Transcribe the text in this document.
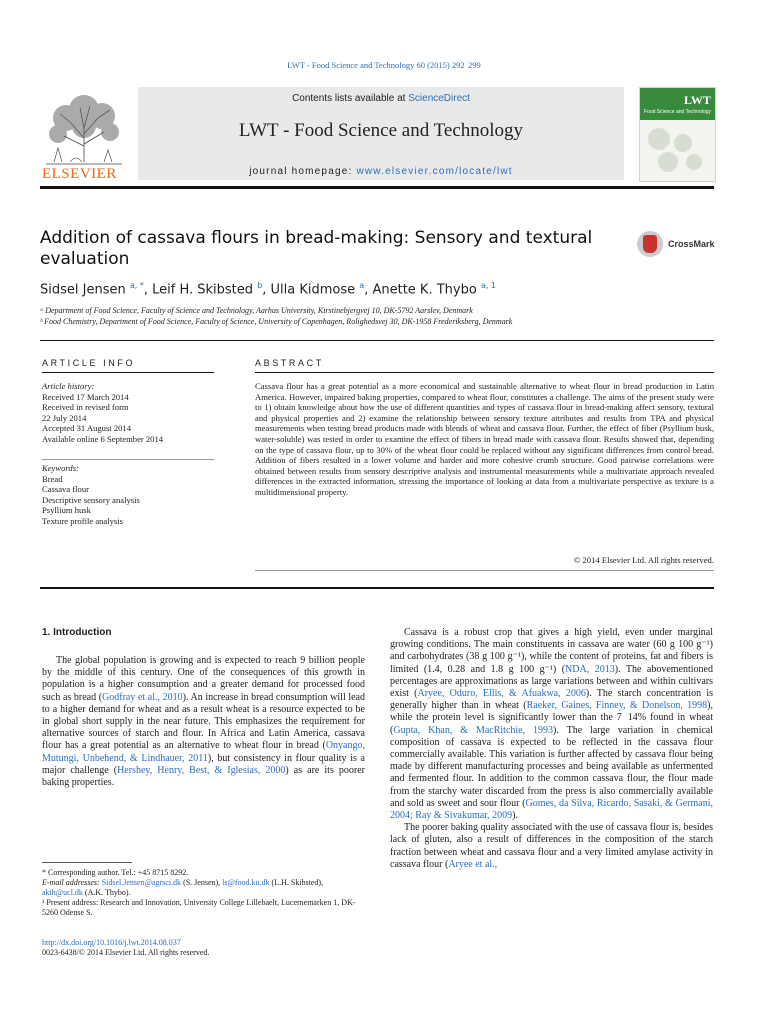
LWT - Food Science and Technology 60 (2015) 292  299
ELSEVIER
Contents lists available at ScienceDirect
LWT - Food Science and Technology
journal homepage: www.elsevier.com/locate/lwt
LWT
Food Science and Technology
Addition of cassava flours in bread-making: Sensory and textural evaluation
CrossMark
Sidsel Jensen $^{a, *}$, Leif H. Skibsted $^b$, Ulla Kidmose $^a$, Anette K. Thybo $^{a, 1}$
ᵃ Department of Food Science, Faculty of Science and Technology, Aarhus University, Kirstinebjergvej 10, DK-5792 Aarslev, Denmark
ᵇ Food Chemistry, Department of Food Science, Faculty of Science, University of Copenhagen, Rolighedsvej 30, DK-1958 Frederiksberg, Denmark
ARTICLE INFO
Article history:
Received 17 March 2014
Received in revised form
22 July 2014
Accepted 31 August 2014
Available online 6 September 2014
Keywords:
Bread
Cassava flour
Descriptive sensory analysis
Psyllium husk
Texture profile analysis
ABSTRACT
Cassava flour has a great potential as a more economical and sustainable alternative to wheat flour in bread production in Latin America. However, impaired baking properties, compared to wheat flour, constitutes a challenge. The aims of the present study were to 1) obtain knowledge about how the use of different quantities and types of cassava flour in bread-making affect sensory, textural and physical properties and 2) examine the relationship between sensory texture attributes and results from TPA and physical measurements when testing bread products made with blends of wheat and cassava flour. Further, the effect of fiber (Psyllium husk, water-soluble) was tested in order to examine the effect of fibers in bread made with cassava flour. Results showed that, depending on the type of cassava flour, up to 30% of the wheat flour could be replaced without any significant differences from control bread. Addition of fibers resulted in a lower volume and harder and more cohesive crumb structure. Good pairwise correlations were obtained between results from sensory descriptive analysis and instrumental measurements while a multivariate approach revealed differences in the extracted information, stressing the importance of looking at data from a multivariate perspective as texture is a multidimensional property.
© 2014 Elsevier Ltd. All rights reserved.
1. Introduction

The global population is growing and is expected to reach 9 billion people by the middle of this century. One of the consequences of this growth in population is a higher consumption and a greater demand for processed food such as bread (Godfray et al., 2010). An increase in bread consumption will lead to a higher demand for wheat and as a result wheat is a resource expected to be in global short supply in the near future. This emphasizes the requirement for alternative sources of starch and flour. In Africa and Latin America, cassava flour has a great potential as an alternative to wheat flour in bread (Onyango, Mutungi, Unbehend, & Lindhauer, 2011), but consistency in flour quality is a major challenge (Hershey, Henry, Best, & Iglesias, 2000) as are its poorer baking properties.

Cassava is a robust crop that gives a high yield, even under marginal growing conditions. The main constituents in cassava are water (60 g 100 g⁻¹) and carbohydrates (38 g 100 g⁻¹), while the content of proteins, fat and fibers is limited (1.4, 0.28 and 1.8 g 100 g⁻¹) (NDA, 2013). The abovementioned percentages are approximations as large variations between and within cultivars exist (Aryee, Oduro, Ellis, & Afuakwa, 2006). The starch concentration is generally higher than in wheat (Raeker, Gaines, Finney, & Donelson, 1998), while the protein level is significantly lower than the 7   14% found in wheat (Gupta, Khan, & MacRitchie, 1993). The large variation in chemical composition of cassava is expected to be reflected in the cassava flour commercially available. This variation is further affected by cassava flour being made by different manufacturing processes and being available as unfermented and fermented flour. In addition to the common cassava flour, the flour made from the starchy water discarded from the press is also commercially available and sold as sweet and sour flour (Gomes, da Silva, Ricardo, Sasaki, & Germani, 2004; Ray & Sivakumar, 2009).

The poorer baking quality associated with the use of cassava flour is, besides lack of gluten, also a result of differences in the composition of the starch fraction between wheat and cassava flour and a very limited amylase activity in cassava flour (Aryee et al.,

* Corresponding author. Tel.: +45 8715 8292.
E-mail addresses: Sidsel.Jensen@agrsci.dk (S. Jensen), ls@food.ku.dk (L.H. Skibsted), akth@ucl.dk (A.K. Thybo).
¹ Present address: Research and Innovation, University College Lillebaelt, Lucernemarken 1, DK-5260 Odense S.
http://dx.doi.org/10.1016/j.lwt.2014.08.037
0023-6438/© 2014 Elsevier Ltd. All rights reserved.
